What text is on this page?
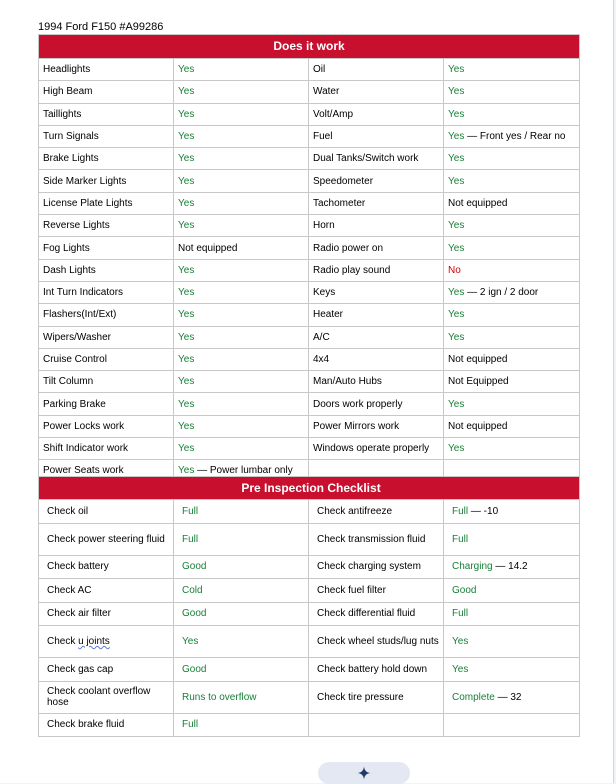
1994 Ford F150 #A99286
Does it work			
Headlights	Yes	Oil	Yes
High Beam	Yes	Water	Yes
Taillights	Yes	Volt/Amp	Yes
Turn Signals	Yes	Fuel	Yes — Front yes / Rear no
Brake Lights	Yes	Dual Tanks/Switch work	Yes
Side Marker Lights	Yes	Speedometer	Yes
License Plate Lights	Yes	Tachometer	Not equipped
Reverse Lights	Yes	Horn	Yes
Fog Lights	Not equipped	Radio power on	Yes
Dash Lights	Yes	Radio play sound	No
Int Turn Indicators	Yes	Keys	Yes — 2 ign / 2 door
Flashers(Int/Ext)	Yes	Heater	Yes
Wipers/Washer	Yes	A/C	Yes
Cruise Control	Yes	4x4	Not equipped
Tilt Column	Yes	Man/Auto Hubs	Not Equipped
Parking Brake	Yes	Doors work properly	Yes
Power Locks work	Yes	Power Mirrors work	Not equipped
Shift Indicator work	Yes	Windows operate properly	Yes
Power Seats work	Yes — Power lumbar only		
Pre Inspection Checklist			
Check oil	Full	Check antifreeze	Full — -10
Check power steering fluid	Full	Check transmission fluid	Full
Check battery	Good	Check charging system	Charging — 14.2
Check AC	Cold	Check fuel filter	Good
Check air filter	Good	Check differential fluid	Full
Check u joints	Yes	Check wheel studs/lug nuts	Yes
Check gas cap	Good	Check battery hold down	Yes
Check coolant overflow hose	Runs to overflow	Check tire pressure	Complete — 32
Check brake fluid	Full		
